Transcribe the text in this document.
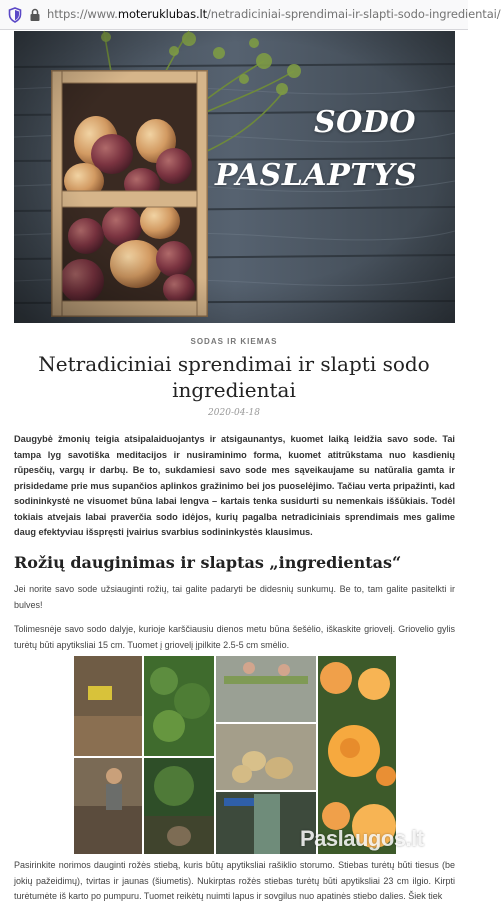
https://www.moteruklubas.lt/netradiciniai-sprendimai-ir-slapti-sodo-ingredientai/
SODO
PASLAPTYS
SODAS IR KIEMAS
Netradiciniai sprendimai ir slapti sodo ingredientai
2020-04-18

Daugybė žmonių teigia atsipalaiduojantys ir atsigaunantys, kuomet laiką leidžia savo sode. Tai tampa lyg savotiška meditacijos ir nusiraminimo forma, kuomet atitrūkstama nuo kasdienių rūpesčių, vargų ir darbų. Be to, sukdamiesi savo sode mes sąveikaujame su natūralia gamta ir prisidedame prie mus supančios aplinkos gražinimo bei jos puoselėjimo. Tačiau verta pripažinti, kad sodininkystė ne visuomet būna labai lengva – kartais tenka susidurti su nemenkais iššūkiais. Todėl tokiais atvejais labai praverčia sodo idėjos, kurių pagalba netradiciniais sprendimais mes galime daug efektyviau išspręsti įvairius svarbius sodininkystės klausimus.

Rožių dauginimas ir slaptas „ingredientas“

Jei norite savo sode užsiauginti rožių, tai galite padaryti be didesnių sunkumų. Be to, tam galite pasitelkti ir bulves!

Tolimesnėje savo sodo dalyje, kurioje karščiausiu dienos metu būna šešėlio, iškaskite griovelį. Griovelio gylis turėtų būti apytiksliai 15 cm. Tuomet į griovelį įpilkite 2.5-5 cm smėlio.

Paslaugos.lt

Pasirinkite norimos dauginti rožės stiebą, kuris būtų apytiksliai rašiklio storumo. Stiebas turėtų būti tiesus (be jokių pažeidimų), tvirtas ir jaunas (šiumetis). Nukirptas rožės stiebas turėtų būti apytiksliai 23 cm ilgio. Kirpti turėtumėte iš karto po pumpuru. Tuomet reikėtų nuimti lapus ir sovgilus nuo apatinės stiebo dalies. Šiek tiek
